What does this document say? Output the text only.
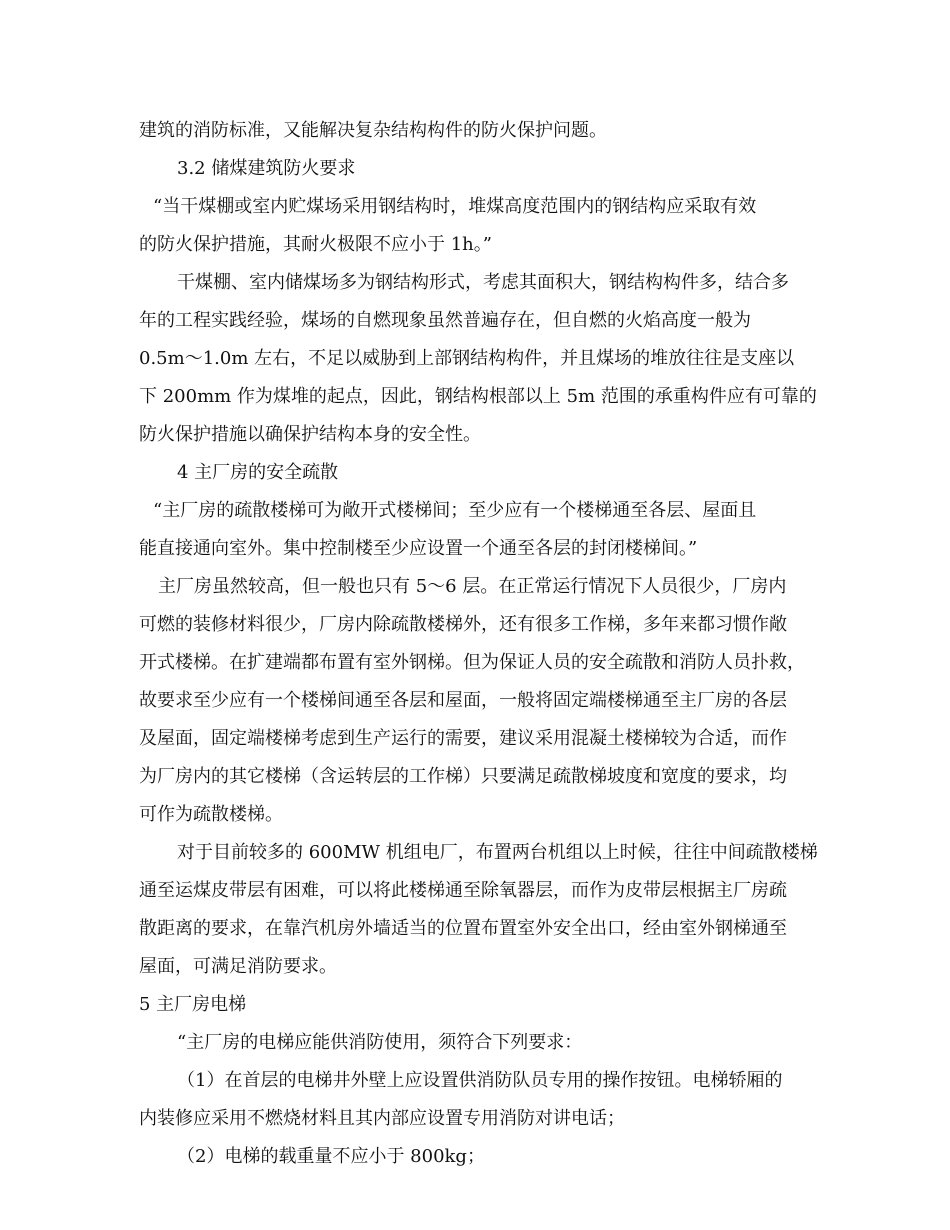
建筑的消防标准，又能解决复杂结构构件的防火保护问题。
3.2 储煤建筑防火要求
“当干煤棚或室内贮煤场采用钢结构时，堆煤高度范围内的钢结构应采取有效
的防火保护措施，其耐火极限不应小于 1h。”
干煤棚、室内储煤场多为钢结构形式，考虑其面积大，钢结构构件多，结合多
年的工程实践经验，煤场的自燃现象虽然普遍存在，但自燃的火焰高度一般为
0.5m～1.0m 左右，不足以威胁到上部钢结构构件，并且煤场的堆放往往是支座以
下 200mm 作为煤堆的起点，因此，钢结构根部以上 5m 范围的承重构件应有可靠的
防火保护措施以确保护结构本身的安全性。
4 主厂房的安全疏散
“主厂房的疏散楼梯可为敞开式楼梯间；至少应有一个楼梯通至各层、屋面且
能直接通向室外。集中控制楼至少应设置一个通至各层的封闭楼梯间。”
主厂房虽然较高，但一般也只有 5～6 层。在正常运行情况下人员很少，厂房内
可燃的装修材料很少，厂房内除疏散楼梯外，还有很多工作梯，多年来都习惯作敞
开式楼梯。在扩建端都布置有室外钢梯。但为保证人员的安全疏散和消防人员扑救，
故要求至少应有一个楼梯间通至各层和屋面，一般将固定端楼梯通至主厂房的各层
及屋面，固定端楼梯考虑到生产运行的需要，建议采用混凝土楼梯较为合适，而作
为厂房内的其它楼梯（含运转层的工作梯）只要满足疏散梯坡度和宽度的要求，均
可作为疏散楼梯。
对于目前较多的 600MW 机组电厂，布置两台机组以上时候，往往中间疏散楼梯
通至运煤皮带层有困难，可以将此楼梯通至除氧器层，而作为皮带层根据主厂房疏
散距离的要求，在靠汽机房外墙适当的位置布置室外安全出口，经由室外钢梯通至
屋面，可满足消防要求。
5 主厂房电梯
“主厂房的电梯应能供消防使用，须符合下列要求：
（1）在首层的电梯井外壁上应设置供消防队员专用的操作按钮。电梯轿厢的
内装修应采用不燃烧材料且其内部应设置专用消防对讲电话；
（2）电梯的载重量不应小于 800kg；
